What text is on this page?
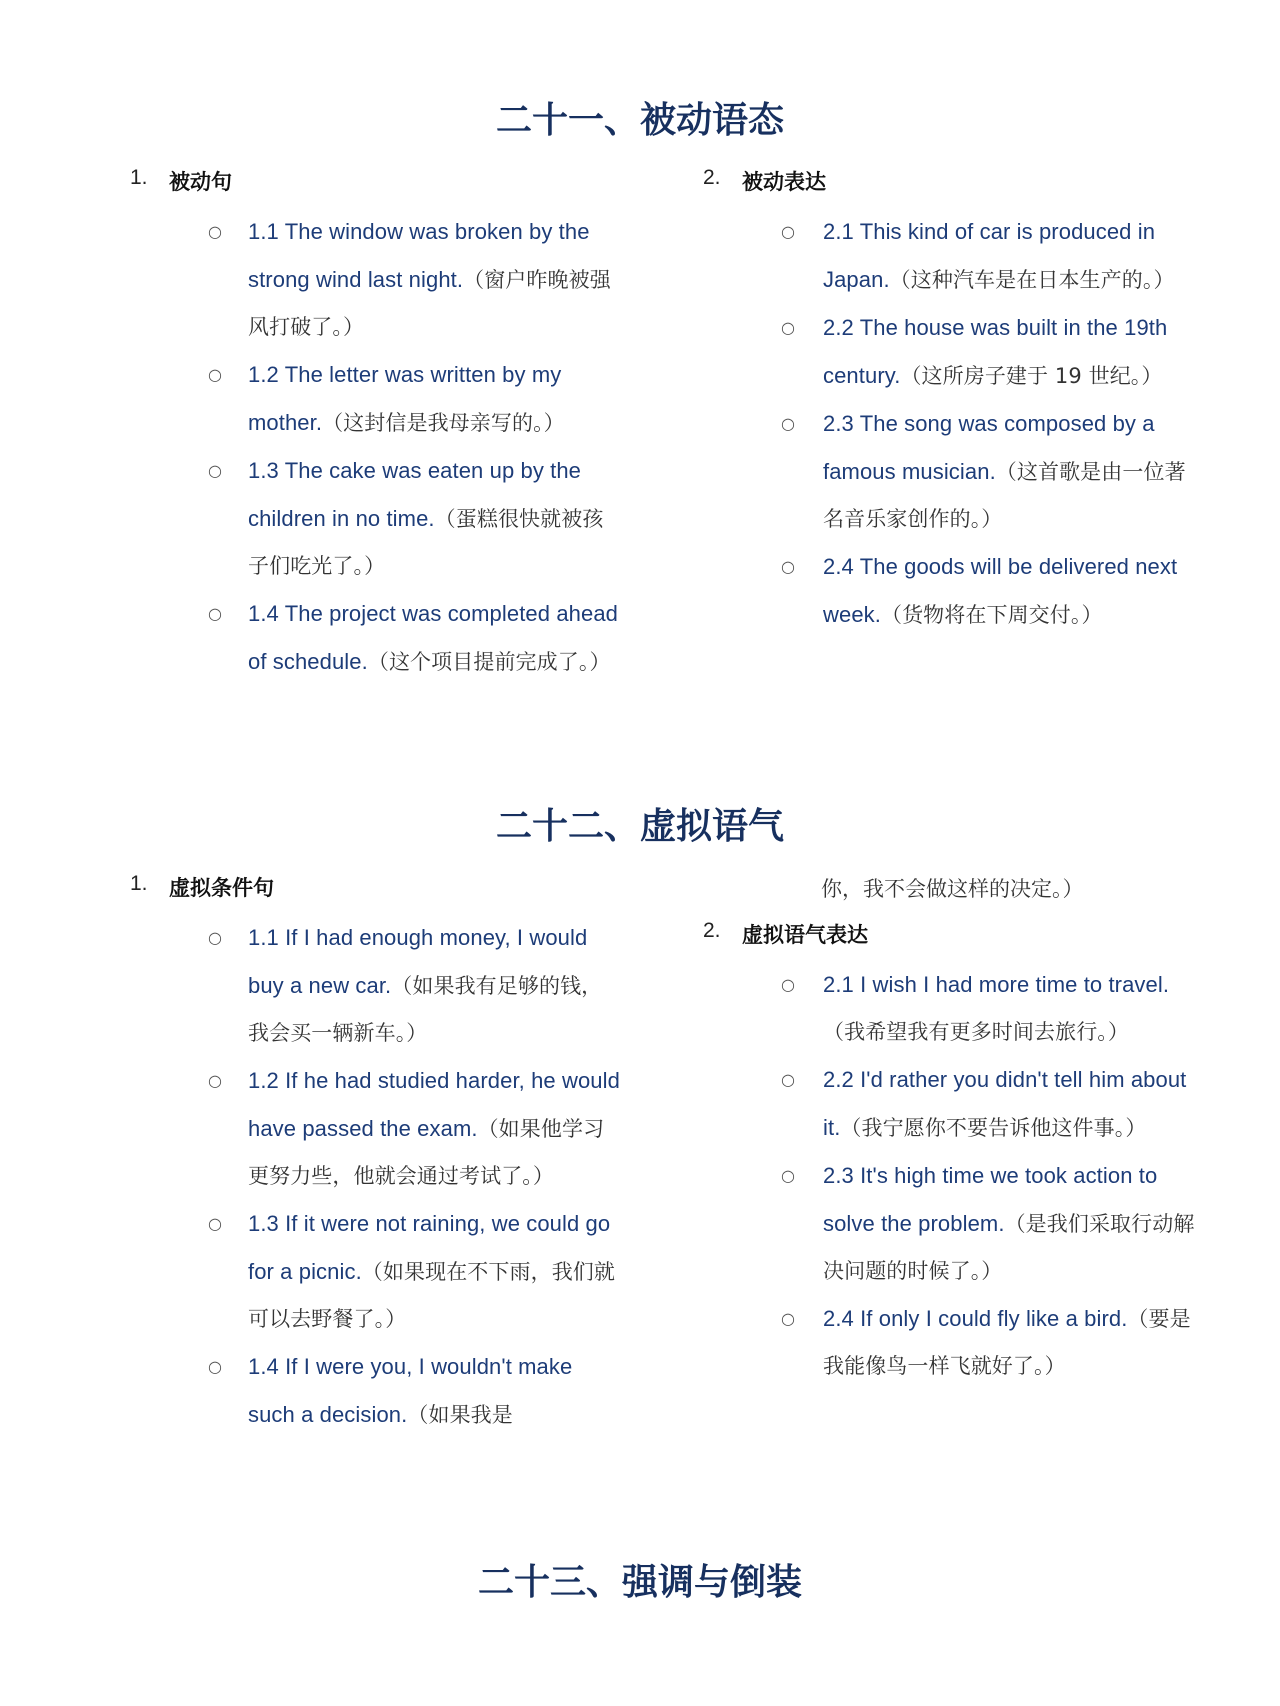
二十一、被动语态
1. 被动句
○ 1.1 The window was broken by the strong wind last night.（窗户昨晚被强风打破了。）
○ 1.2 The letter was written by my mother.（这封信是我母亲写的。）
○ 1.3 The cake was eaten up by the children in no time.（蛋糕很快就被孩子们吃光了。）
○ 1.4 The project was completed ahead of schedule.（这个项目提前完成了。）
2. 被动表达
○ 2.1 This kind of car is produced in Japan.（这种汽车是在日本生产的。）
○ 2.2 The house was built in the 19th century.（这所房子建于 19 世纪。）
○ 2.3 The song was composed by a famous musician.（这首歌是由一位著名音乐家创作的。）
○ 2.4 The goods will be delivered next week.（货物将在下周交付。）
二十二、虚拟语气
1. 虚拟条件句
○ 1.1 If I had enough money, I would buy a new car.（如果我有足够的钱，我会买一辆新车。）
○ 1.2 If he had studied harder, he would have passed the exam.（如果他学习更努力些，他就会通过考试了。）
○ 1.3 If it were not raining, we could go for a picnic.（如果现在不下雨，我们就可以去野餐了。）
○ 1.4 If I were you, I wouldn't make such a decision.（如果我是
你，我不会做这样的决定。）
2. 虚拟语气表达
○ 2.1 I wish I had more time to travel.（我希望我有更多时间去旅行。）
○ 2.2 I'd rather you didn't tell him about it.（我宁愿你不要告诉他这件事。）
○ 2.3 It's high time we took action to solve the problem.（是我们采取行动解决问题的时候了。）
○ 2.4 If only I could fly like a bird.（要是我能像鸟一样飞就好了。）
二十三、强调与倒装
